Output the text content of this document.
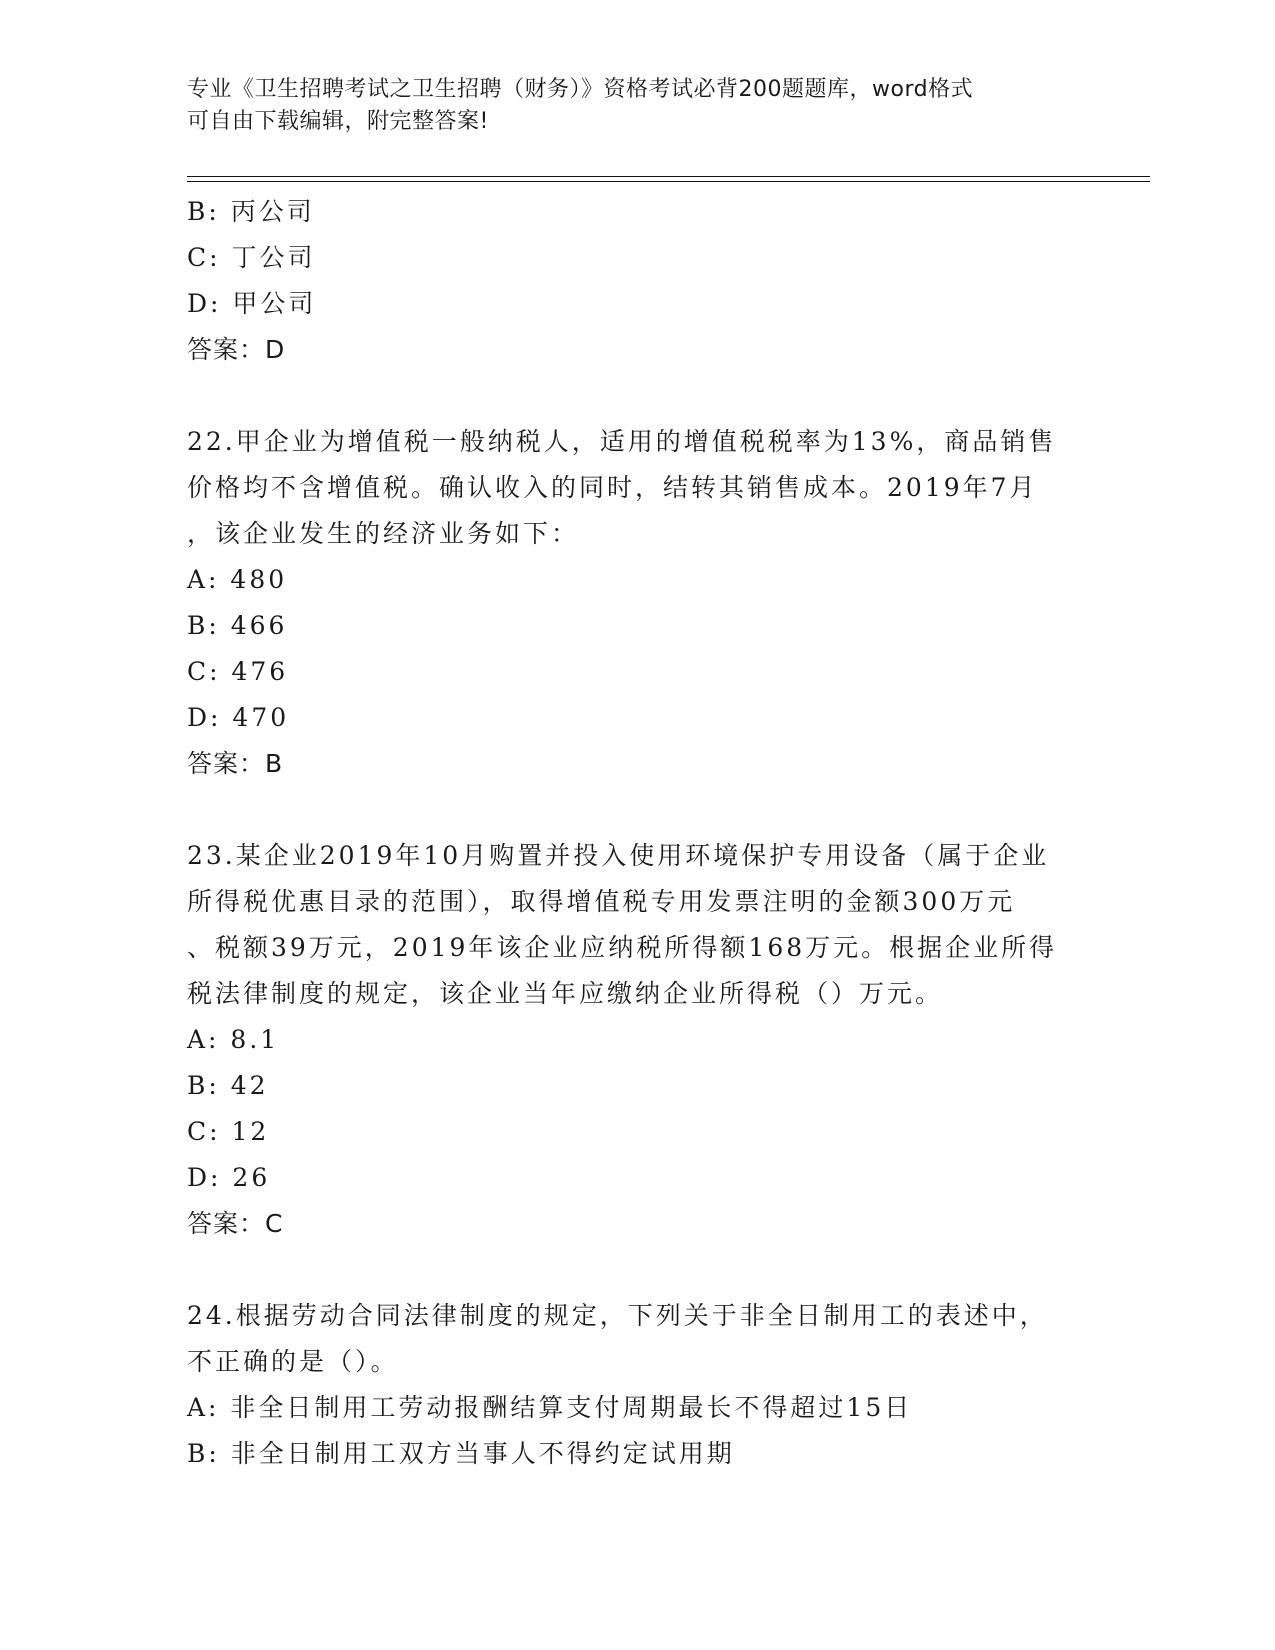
专业《卫生招聘考试之卫生招聘（财务）》资格考试必背200题题库，word格式
可自由下载编辑，附完整答案!
B: 丙公司
C: 丁公司
D: 甲公司
答案：D
22.甲企业为增值税一般纳税人，适用的增值税税率为13%，商品销售
价格均不含增值税。确认收入的同时，结转其销售成本。2019年7月
，该企业发生的经济业务如下：
A: 480
B: 466
C: 476
D: 470
答案：B
23.某企业2019年10月购置并投入使用环境保护专用设备（属于企业
所得税优惠目录的范围），取得增值税专用发票注明的金额300万元
、税额39万元，2019年该企业应纳税所得额168万元。根据企业所得
税法律制度的规定，该企业当年应缴纳企业所得税（）万元。
A: 8.1
B: 42
C: 12
D: 26
答案：C
24.根据劳动合同法律制度的规定，下列关于非全日制用工的表述中，
不正确的是（）。
A: 非全日制用工劳动报酬结算支付周期最长不得超过15日
B: 非全日制用工双方当事人不得约定试用期
